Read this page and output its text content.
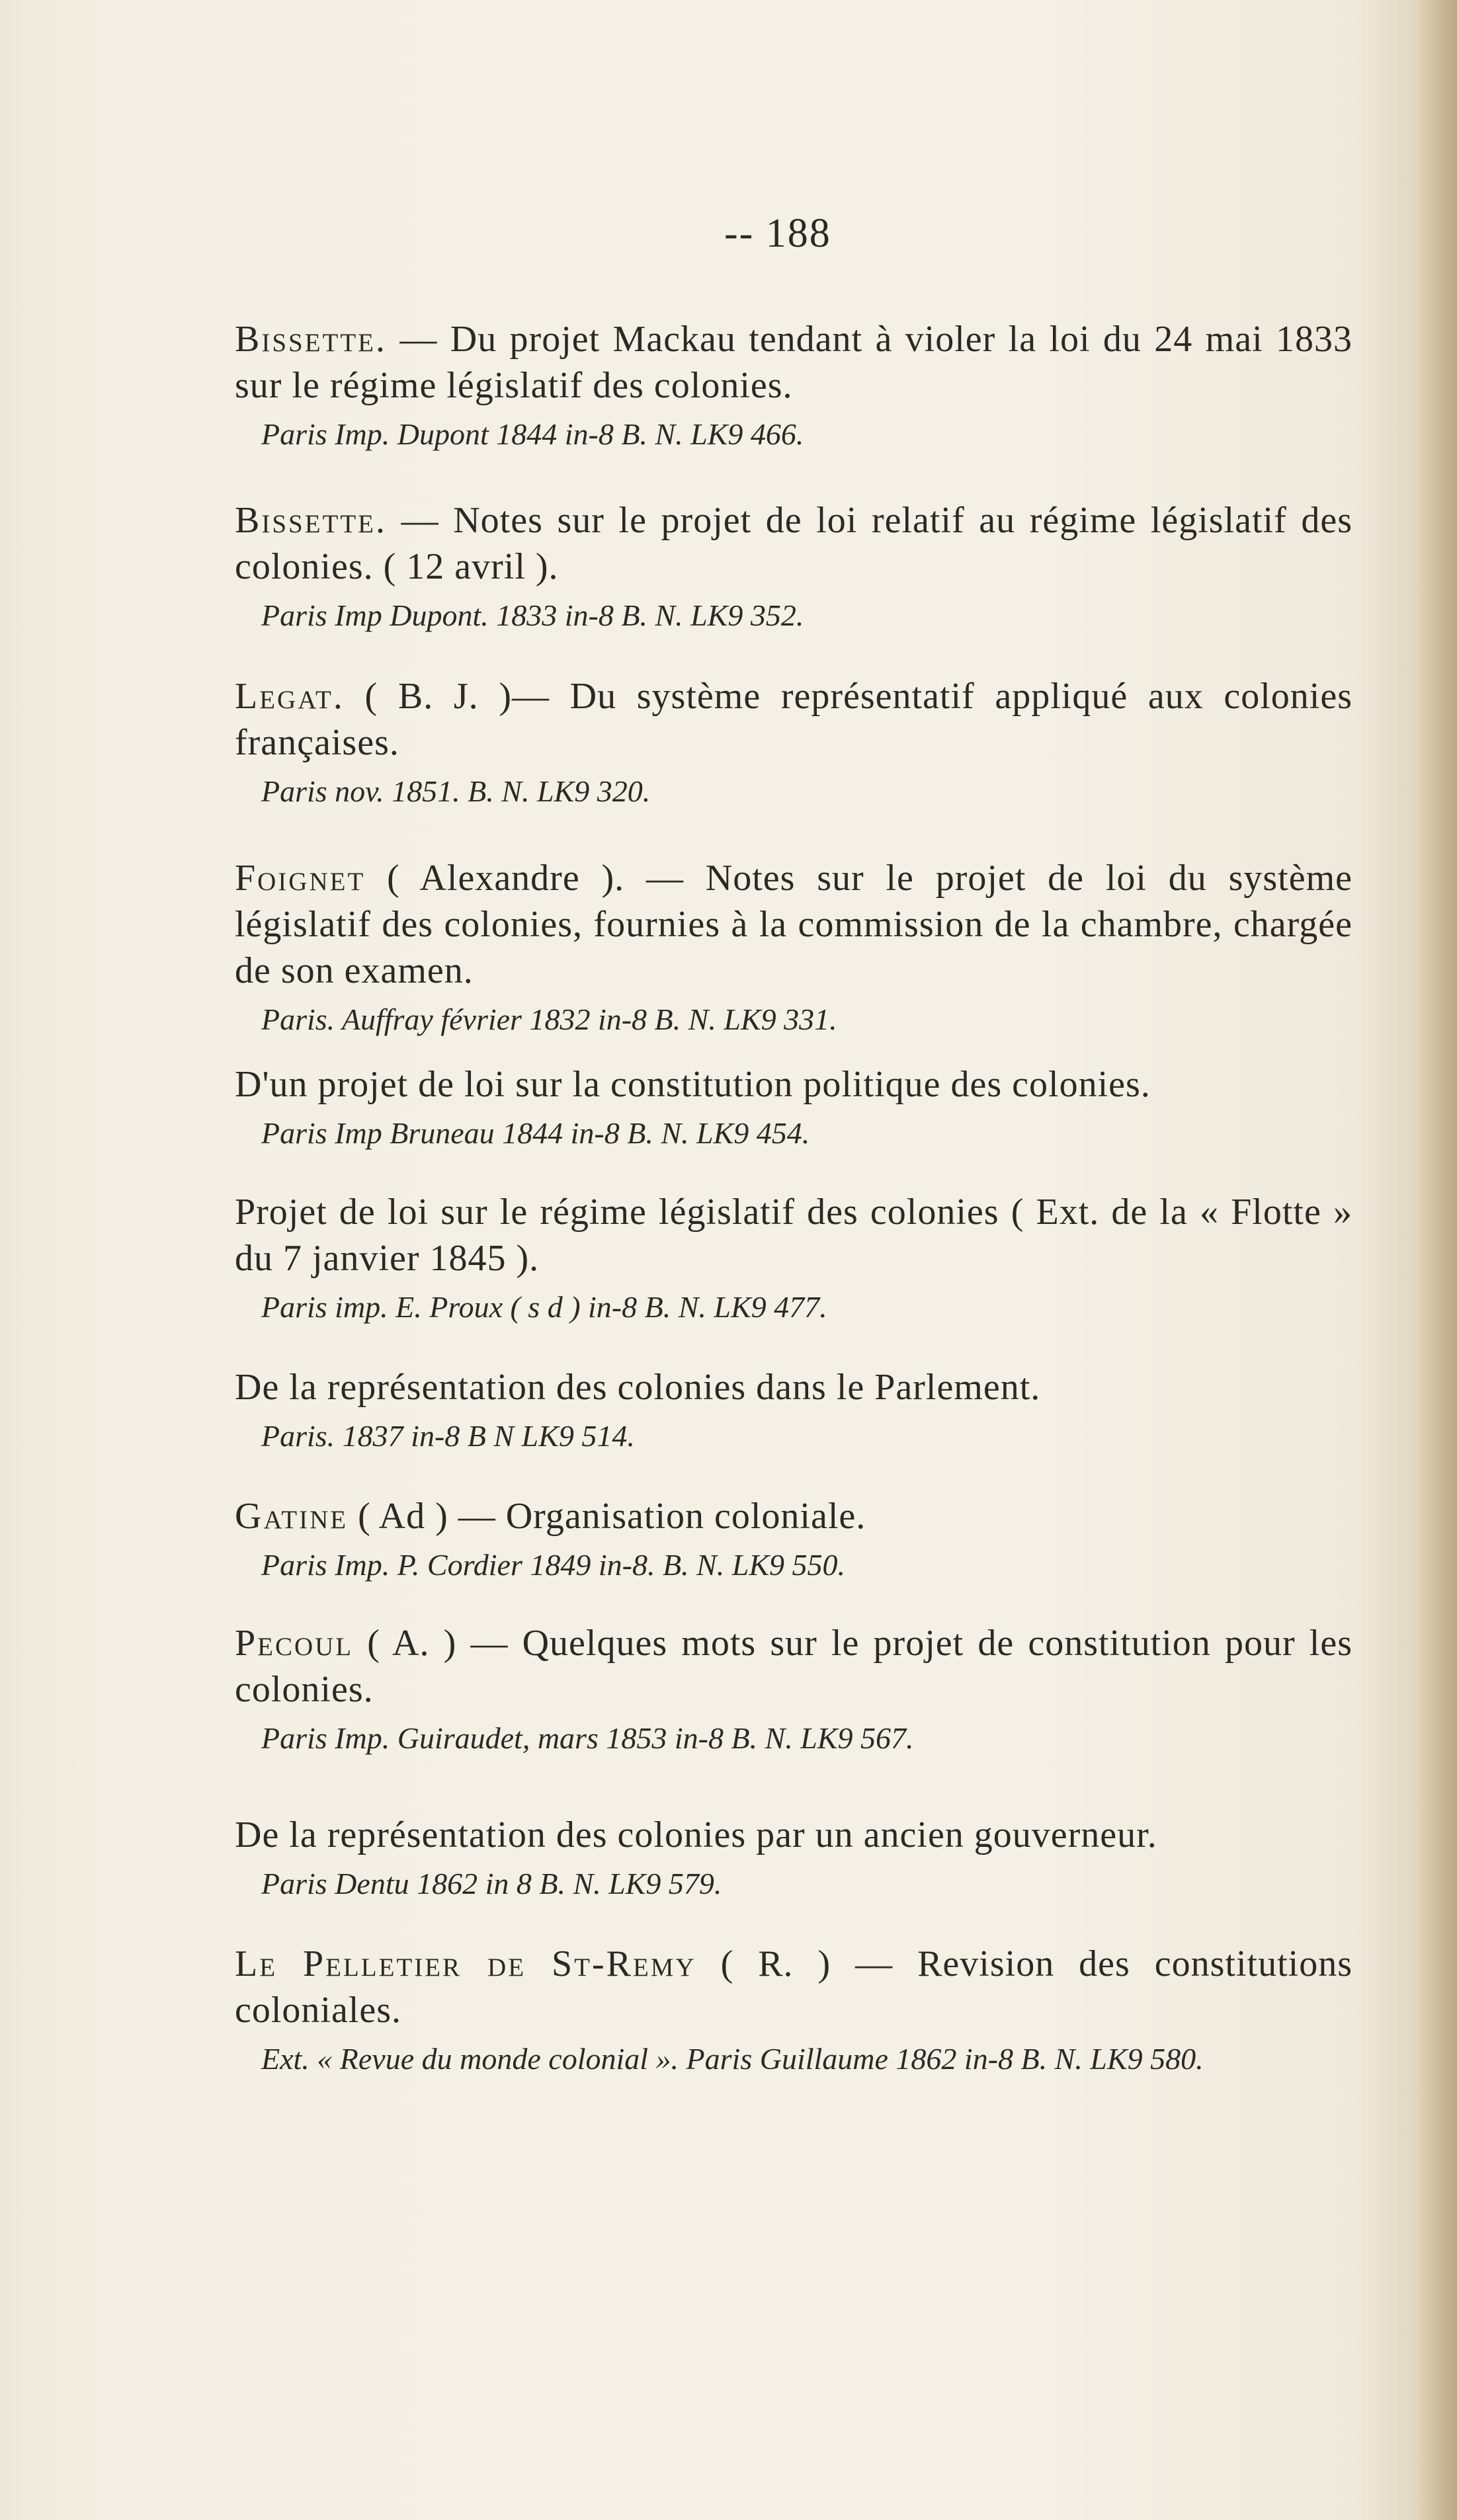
-- 188
Bissette. — Du projet Mackau tendant à violer la loi du 24 mai 1833 sur le régime législatif des colonies.
Paris Imp. Dupont 1844 in-8 B. N. LK9 466.
Bissette. — Notes sur le projet de loi relatif au régime législatif des colonies. ( 12 avril ).
Paris Imp Dupont. 1833 in-8 B. N. LK9 352.
Legat. ( B. J. )— Du système représentatif appliqué aux colonies françaises.
Paris nov. 1851. B. N. LK9 320.
Foignet ( Alexandre ). — Notes sur le projet de loi du système législatif des colonies, fournies à la commission de la chambre, chargée de son examen.
Paris. Auffray février 1832 in-8 B. N. LK9 331.
D'un projet de loi sur la constitution politique des colonies.
Paris Imp Bruneau 1844 in-8 B. N. LK9 454.
Projet de loi sur le régime législatif des colonies ( Ext. de la « Flotte » du 7 janvier 1845 ).
Paris imp. E. Proux ( s d ) in-8 B. N. LK9 477.
De la représentation des colonies dans le Parlement.
Paris. 1837 in-8 B N LK9 514.
Gatine ( Ad ) — Organisation coloniale.
Paris Imp. P. Cordier 1849 in-8. B. N. LK9 550.
Pecoul ( A. ) — Quelques mots sur le projet de constitution pour les colonies.
Paris Imp. Guiraudet, mars 1853 in-8 B. N. LK9 567.
De la représentation des colonies par un ancien gouverneur.
Paris Dentu 1862 in 8 B. N. LK9 579.
Le Pelletier de St-Remy ( R. ) — Revision des constitutions coloniales.
Ext. « Revue du monde colonial ». Paris Guillaume 1862 in-8 B. N. LK9 580.
